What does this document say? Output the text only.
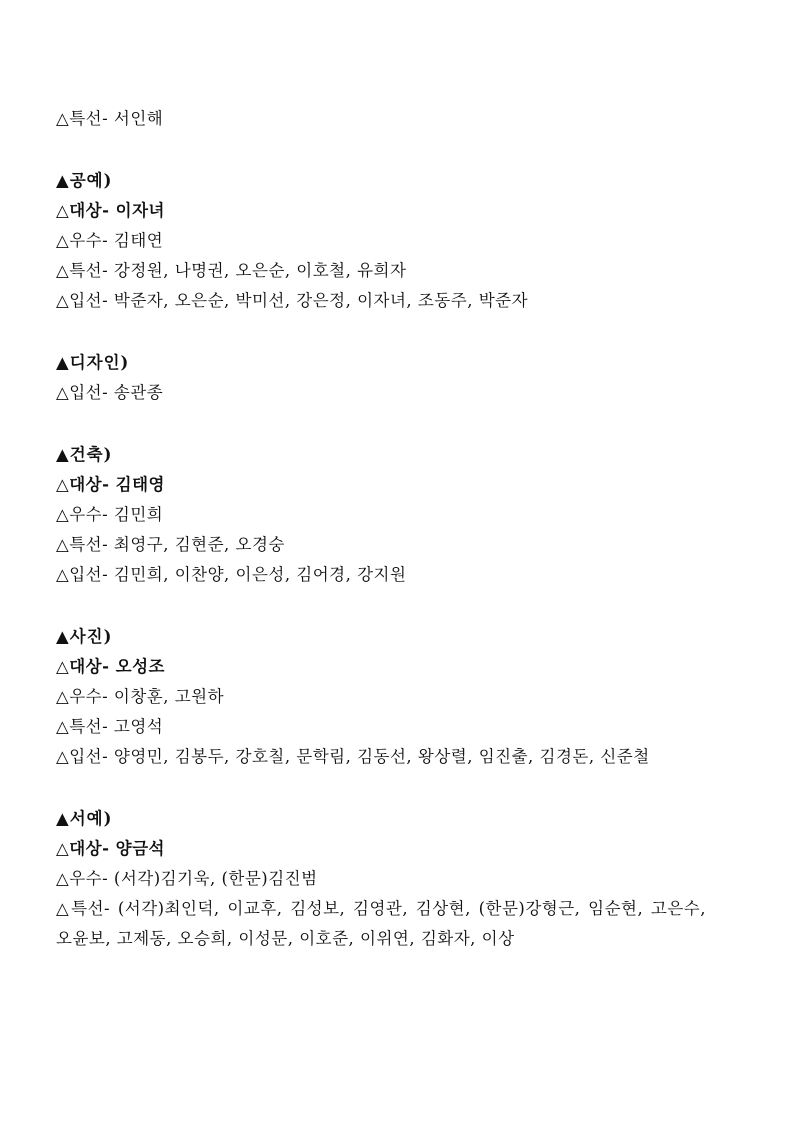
△특선- 서인해
▲공예)
△대상- 이자녀
△우수- 김태연
△특선- 강정원, 나명권, 오은순, 이호철, 유희자
△입선- 박준자, 오은순, 박미선, 강은정, 이자녀, 조동주, 박준자
▲디자인)
△입선- 송관종
▲건축)
△대상- 김태영
△우수- 김민희
△특선- 최영구, 김현준, 오경숭
△입선- 김민희, 이찬양, 이은성, 김어경, 강지원
▲사진)
△대상- 오성조
△우수- 이창훈, 고원하
△특선- 고영석
△입선- 양영민, 김봉두, 강호칠, 문학림, 김동선, 왕상렬, 임진출, 김경돈, 신준철
▲서예)
△대상- 양금석
△우수- (서각)김기욱, (한문)김진범
△특선- (서각)최인덕, 이교후, 김성보, 김영관, 김상현, (한문)강형근, 임순현, 고은수, 오윤보, 고제동, 오승희, 이성문, 이호준, 이위연, 김화자, 이상
